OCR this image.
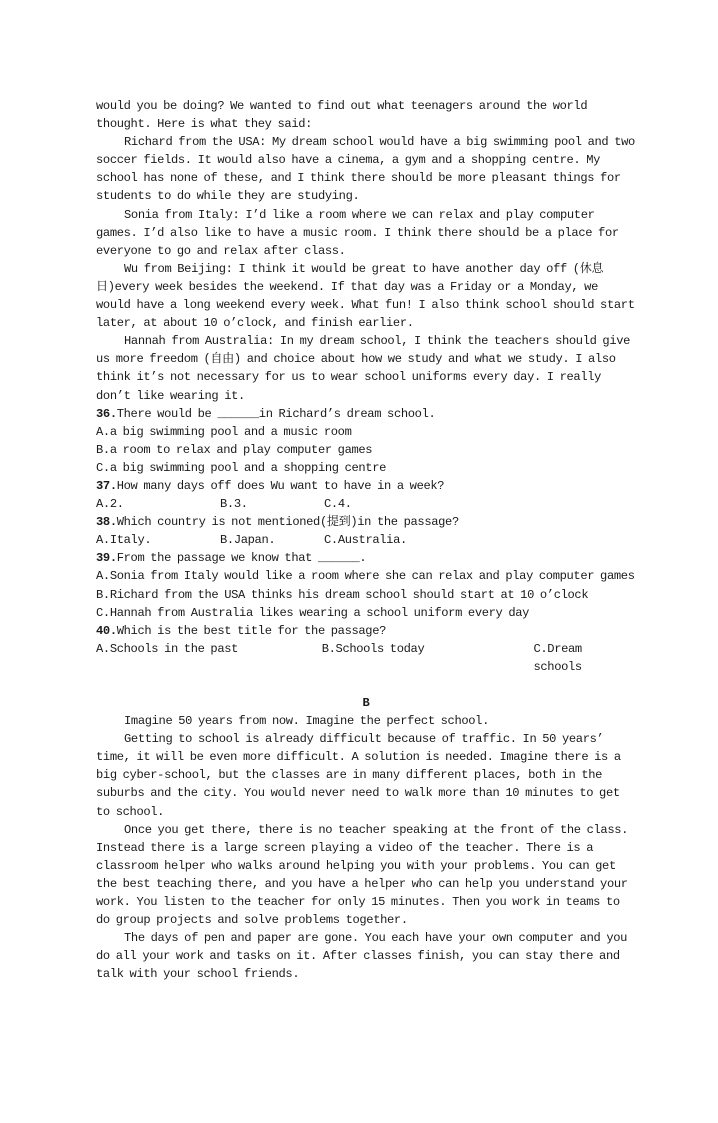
would you be doing? We wanted to find out what teenagers around the world thought. Here is what they said:

Richard from the USA: My dream school would have a big swimming pool and two soccer fields. It would also have a cinema, a gym and a shopping centre. My school has none of these, and I think there should be more pleasant things for students to do while they are studying.

Sonia from Italy: I’d like a room where we can relax and play computer games. I’d also like to have a music room. I think there should be a place for everyone to go and relax after class.

Wu from Beijing: I think it would be great to have another day off (休息日)every week besides the weekend. If that day was a Friday or a Monday, we would have a long weekend every week. What fun! I also think school should start later, at about 10 o’clock, and finish earlier.

Hannah from Australia: In my dream school, I think the teachers should give us more freedom (自由) and choice about how we study and what we study. I also think it’s not necessary for us to wear school uniforms every day. I really don’t like wearing it.

36.There would be ______in Richard’s dream school.

A.a big swimming pool and a music room

B.a room to relax and play computer games

C.a big swimming pool and a shopping centre

37.How many days off does Wu want to have in a week?

A.2.	B.3.	C.4.

38.Which country is not mentioned(提到)in the passage?

A.Italy.	B.Japan.	C.Australia.

39.From the passage we know that ______.

A.Sonia from Italy would like a room where she can relax and play computer games

B.Richard from the USA thinks his dream school should start at 10 o’clock

C.Hannah from Australia likes wearing a school uniform every day

40.Which is the best title for the passage?

A.Schools in the past	B.Schools today	C.Dream schools

B

Imagine 50 years from now. Imagine the perfect school.

Getting to school is already difficult because of traffic. In 50 years’ time, it will be even more difficult. A solution is needed. Imagine there is a big cyber-school, but the classes are in many different places, both in the suburbs and the city. You would never need to walk more than 10 minutes to get to school.

Once you get there, there is no teacher speaking at the front of the class. Instead there is a large screen playing a video of the teacher. There is a classroom helper who walks around helping you with your problems. You can get the best teaching there, and you have a helper who can help you understand your work. You listen to the teacher for only 15 minutes. Then you work in teams to do group projects and solve problems together.

The days of pen and paper are gone. You each have your own computer and you do all your work and tasks on it. After classes finish, you can stay there and talk with your school friends.
